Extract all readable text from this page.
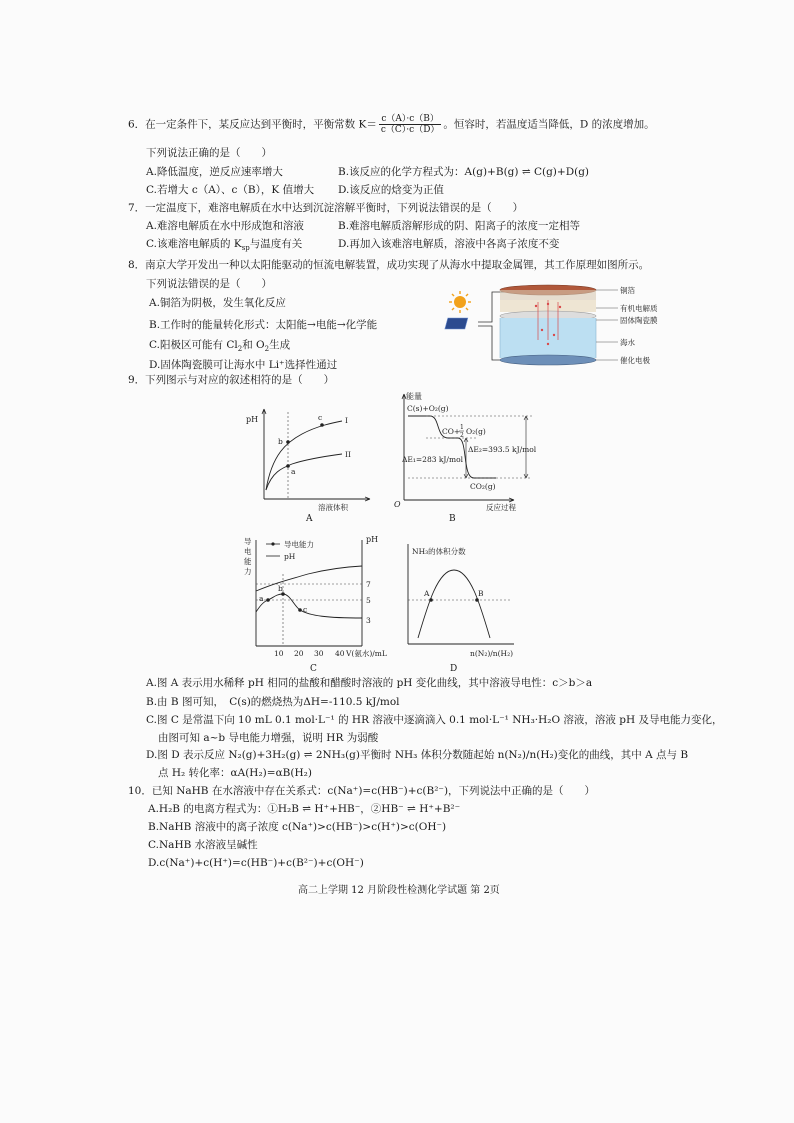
6．在一定条件下，某反应达到平衡时，平衡常数 $K= \frac{c(A)\cdot c(B)}{c(C)\cdot c(D)}$ 。恒容时，若温度适当降低，D 的浓度增加。
下列说法正确的是（　　）
A.降低温度，逆反应速率增大	B.该反应的化学方程式为：A(g)+B(g) ⇌ C(g)+D(g)
C.若增大 c（A）、c（B），K 值增大 D.该反应的焓变为正值
7．一定温度下，难溶电解质在水中达到沉淀溶解平衡时，下列说法错误的是（　　）
A.难溶电解质在水中形成饱和溶液	B.难溶电解质溶解形成的阴、阳离子的浓度一定相等
C.该难溶电解质的 $K_{sp}$与温度有关	D.再加入该难溶电解质，溶液中各离子浓度不变
8．南京大学开发出一种以太阳能驱动的恒流电解装置，成功实现了从海水中提取金属锂，其工作原理如图所示。
下列说法错误的是（　　）
A.铜箔为阴极，发生氧化反应
B.工作时的能量转化形式：太阳能→电能→化学能
C.阳极区可能有 $Cl_2$和 $O_2$生成
D.固体陶瓷膜可让海水中 Li⁺选择性通过
铜箔
有机电解质
固体陶瓷膜
海水
催化电极
9．下列图示与对应的叙述相符的是（　　）
pH
b
a
c	I
II
溶液体积
A
能量
O
C(s)+O₂(g)
CO+ 1
2 O₂(g)
ΔE₁=283 kJ/mol
ΔE₂=393.5 kJ/mol
CO₂(g)
反应过程
B
导
电
能
力
pH
导电能力
pH
a
b
c
7
5
3
10 20 30 40 V(氨水)/mL
C
NH₃的体积分数
A	B
n(N₂)/n(H₂)
D
A.图 A 表示用水稀释 pH 相同的盐酸和醋酸时溶液的 pH 变化曲线，其中溶液导电性：c＞b＞a
B.由 B 图可知，　C(s)的燃烧热为ΔH=-110.5 kJ/mol
C.图 C 是常温下向 10 mL 0.1 mol·L⁻¹ 的 HR 溶液中逐滴滴入 0.1 mol·L⁻¹ NH₃·H₂O 溶液，溶液 pH 及导电能力变化，
由图可知 a~b 导电能力增强，说明 HR 为弱酸
D.图 D 表示反应 N₂(g)+3H₂(g) ⇌ 2NH₃(g)平衡时 NH₃ 体积分数随起始 n(N₂)/n(H₂)变化的曲线，其中 A 点与 B
点 H₂ 转化率：αA(H₂)=αB(H₂)
10．已知 NaHB 在水溶液中存在关系式：c(Na⁺)=c(HB⁻)+c(B²⁻)，下列说法中正确的是（　　）
A.H₂B 的电离方程式为：①H₂B ⇌ H⁺+HB⁻，②HB⁻ ⇌ H⁺+B²⁻
B.NaHB 溶液中的离子浓度 c(Na⁺)>c(HB⁻)>c(H⁺)>c(OH⁻)
C.NaHB 水溶液呈碱性
D.c(Na⁺)+c(H⁺)=c(HB⁻)+c(B²⁻)+c(OH⁻)
高二上学期 12 月阶段性检测化学试题 第 2页
